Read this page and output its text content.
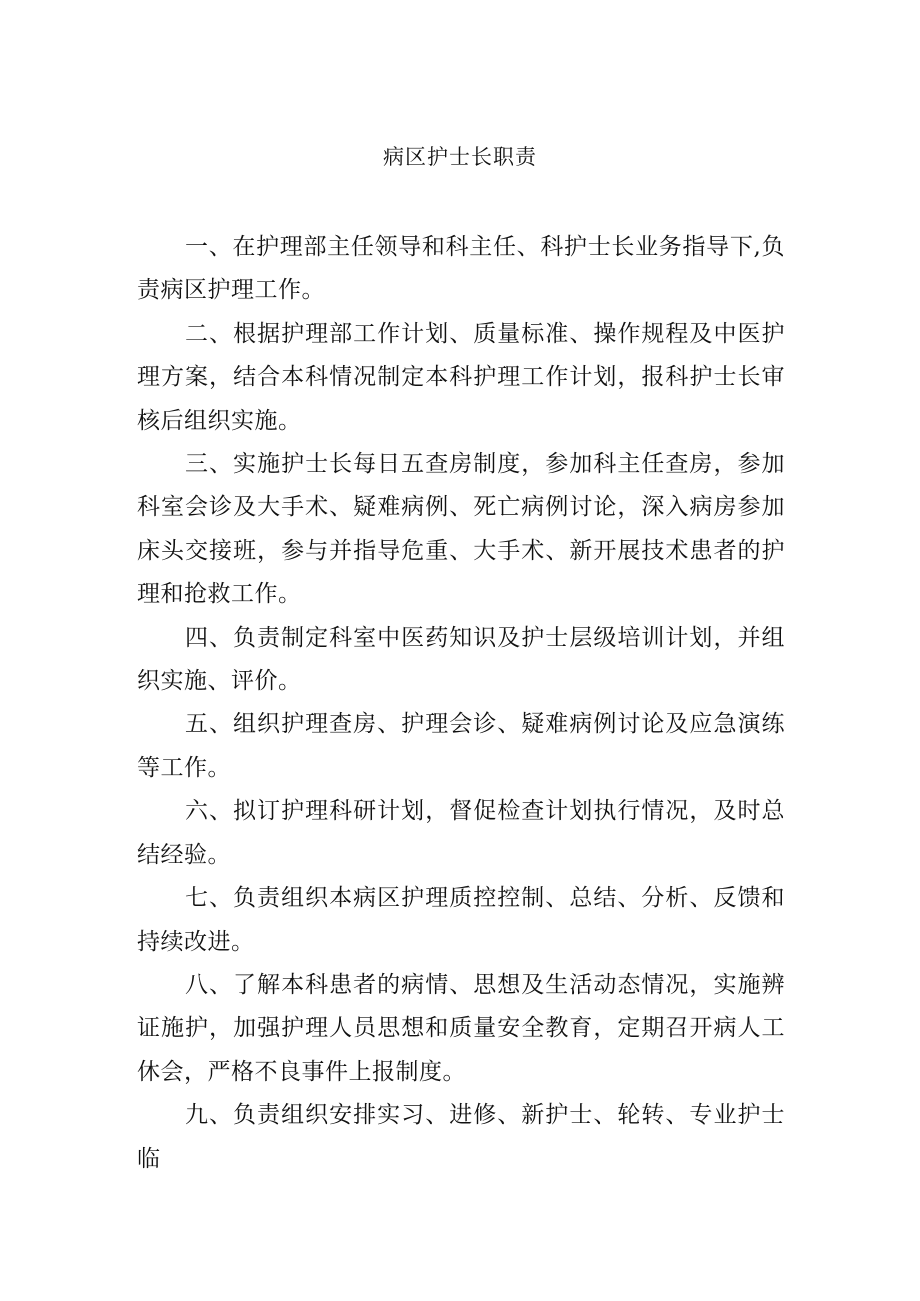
病区护士长职责

一、在护理部主任领导和科主任、科护士长业务指导下,负责病区护理工作。

二、根据护理部工作计划、质量标准、操作规程及中医护理方案，结合本科情况制定本科护理工作计划，报科护士长审核后组织实施。

三、实施护士长每日五查房制度，参加科主任查房，参加科室会诊及大手术、疑难病例、死亡病例讨论，深入病房参加床头交接班，参与并指导危重、大手术、新开展技术患者的护理和抢救工作。

四、负责制定科室中医药知识及护士层级培训计划，并组织实施、评价。

五、组织护理查房、护理会诊、疑难病例讨论及应急演练等工作。

六、拟订护理科研计划，督促检查计划执行情况，及时总结经验。

七、负责组织本病区护理质控控制、总结、分析、反馈和持续改进。

八、了解本科患者的病情、思想及生活动态情况，实施辨证施护，加强护理人员思想和质量安全教育，定期召开病人工休会，严格不良事件上报制度。

九、负责组织安排实习、进修、新护士、轮转、专业护士临
